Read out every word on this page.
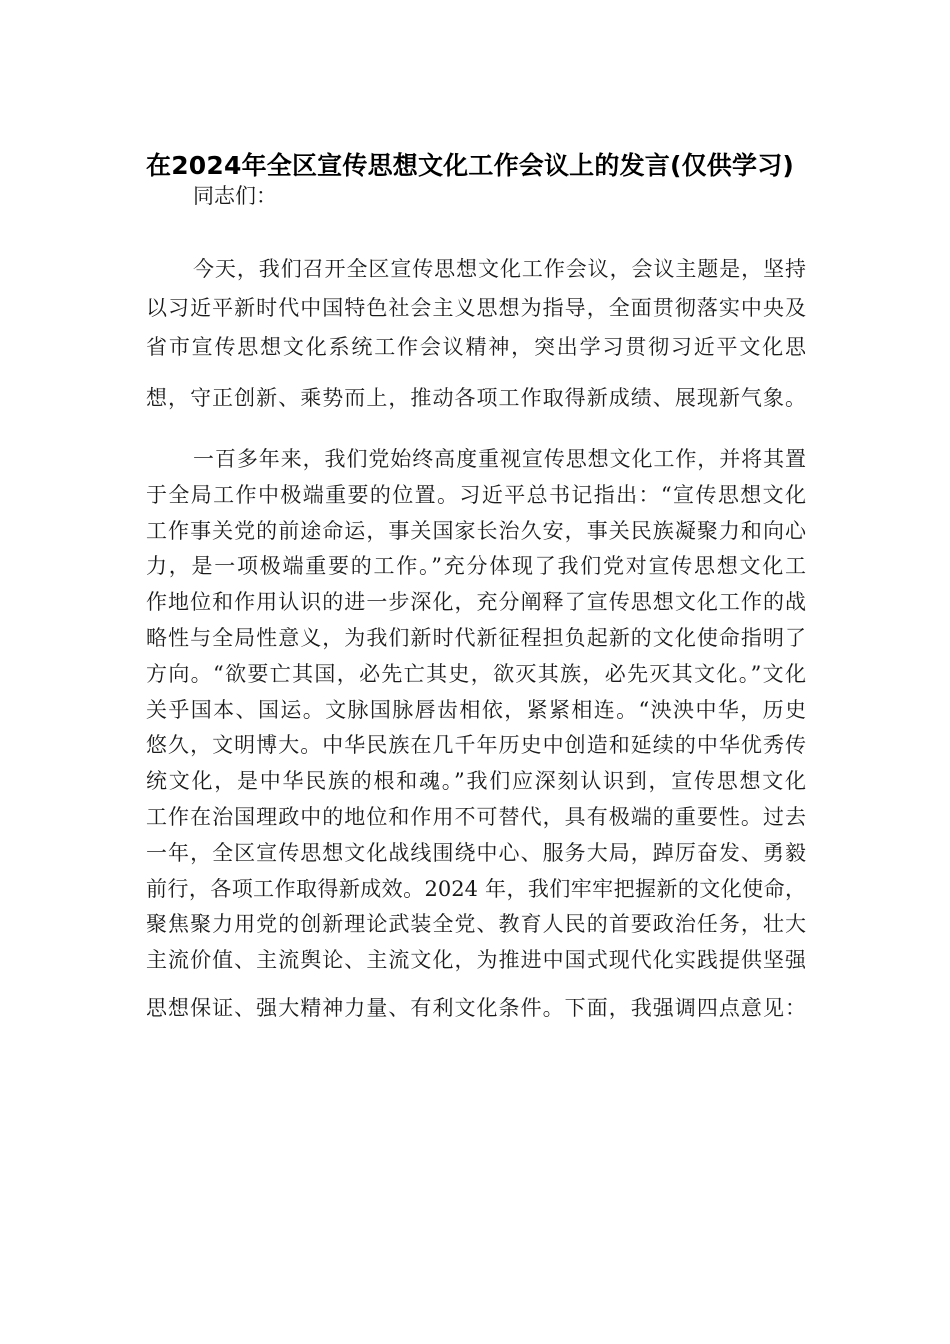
在2024年全区宣传思想文化工作会议上的发言(仅供学习)

同志们：

今天，我们召开全区宣传思想文化工作会议，会议主题是，坚持
以习近平新时代中国特色社会主义思想为指导，全面贯彻落实中央及
省市宣传思想文化系统工作会议精神，突出学习贯彻习近平文化思
想，守正创新、乘势而上，推动各项工作取得新成绩、展现新气象。

一百多年来，我们党始终高度重视宣传思想文化工作，并将其置
于全局工作中极端重要的位置。习近平总书记指出：“宣传思想文化
工作事关党的前途命运，事关国家长治久安，事关民族凝聚力和向心
力，是一项极端重要的工作。”充分体现了我们党对宣传思想文化工
作地位和作用认识的进一步深化，充分阐释了宣传思想文化工作的战
略性与全局性意义，为我们新时代新征程担负起新的文化使命指明了
方向。“欲要亡其国，必先亡其史，欲灭其族，必先灭其文化。”文化
关乎国本、国运。文脉国脉唇齿相依，紧紧相连。“泱泱中华，历史
悠久，文明博大。中华民族在几千年历史中创造和延续的中华优秀传
统文化，是中华民族的根和魂。”我们应深刻认识到，宣传思想文化
工作在治国理政中的地位和作用不可替代，具有极端的重要性。过去
一年，全区宣传思想文化战线围绕中心、服务大局，踔厉奋发、勇毅
前行，各项工作取得新成效。2024 年，我们牢牢把握新的文化使命，
聚焦聚力用党的创新理论武装全党、教育人民的首要政治任务，壮大
主流价值、主流舆论、主流文化，为推进中国式现代化实践提供坚强
思想保证、强大精神力量、有利文化条件。下面，我强调四点意见：
